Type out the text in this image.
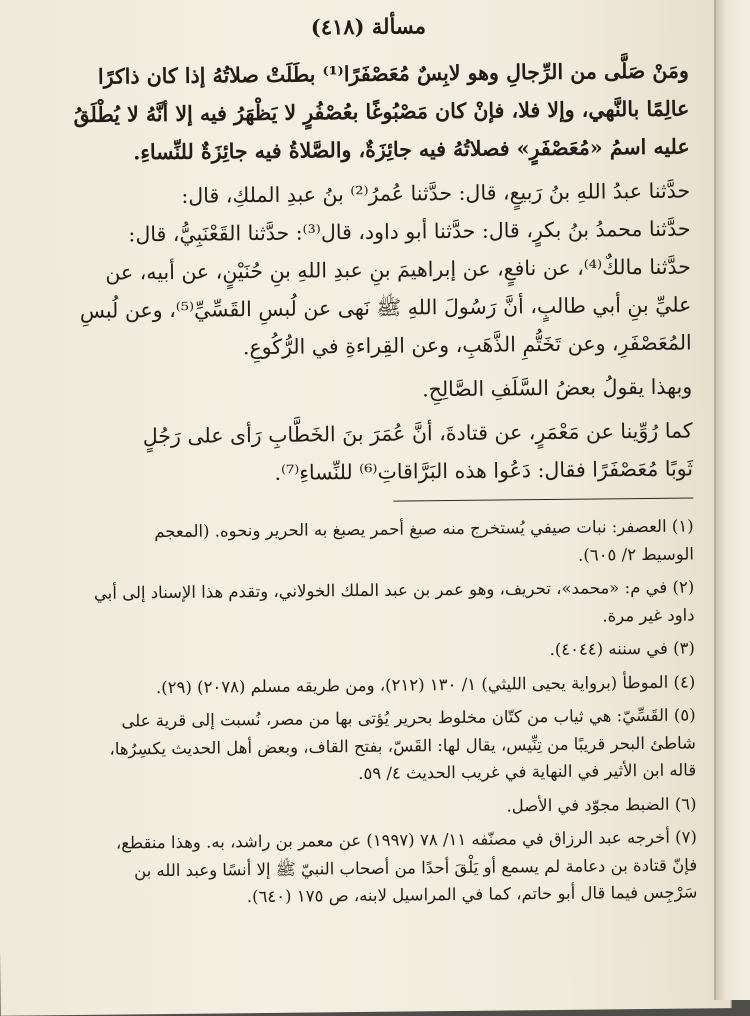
مسألة (٤١٨)
ومَنْ صَلَّى من الرِّجالِ وهو لابِسٌ مُعَصْفَرًا⁽¹⁾ بطَلَتْ صلاتُهُ إذا كان ذاكرًا
عالِمًا بالنَّهي، وإلا فلا، فإنْ كان مَصْبُوغًا بعُصْفُرٍ لا يَظْهَرُ فيه إلا أنَّهُ لا يُطْلَقُ
عليه اسمُ «مُعَصْفَرٍ» فصلاتُهُ فيه جائِزَةٌ، والصَّلاةُ فيه جائِزَةٌ للنِّساءِ.
حدَّثنا عبدُ اللهِ بنُ رَبيعٍ، قال: حدَّثنا عُمرُ⁽²⁾ بنُ عبدِ الملكِ، قال:
حدَّثنا محمدُ بنُ بكرٍ، قال: حدَّثنا أبو داود، قال⁽³⁾: حدَّثنا القَعْنَبِيُّ، قال:
حدَّثنا مالكٌ⁽⁴⁾، عن نافعٍ، عن إبراهيمَ بنِ عبدِ اللهِ بنِ حُنَيْنٍ، عن أبيه، عن
عليِّ بنِ أبي طالبٍ، أنَّ رَسُولَ اللهِ ﷺ نَهى عن لُبسِ القَسِّيِّ⁽⁵⁾، وعن لُبسِ
المُعَصْفَرِ، وعن تَخَتُّمِ الذَّهَبِ، وعن القِراءةِ في الرُّكُوعِ.
وبهذا يقولُ بعضُ السَّلَفِ الصَّالِحِ.
كما رُوِّينا عن مَعْمَرٍ، عن قتادةَ، أنَّ عُمَرَ بنَ الخَطَّابِ رَأى على رَجُلٍ
ثَوبًا مُعَصْفَرًا فقال: دَعُوا هذه البَرَّاقاتِ⁽⁶⁾ للنِّساءِ⁽⁷⁾.
(١) العصفر: نبات صيفي يُستخرج منه صبغ أحمر يصبغ به الحرير ونحوه. (المعجم
الوسيط ٢/ ٦٠٥).
(٢) في م: «محمد»، تحريف، وهو عمر بن عبد الملك الخولاني، وتقدم هذا الإسناد إلى أبي
داود غير مرة.
(٣) في سننه (٤٠٤٤).
(٤) الموطأ (برواية يحيى الليثي) ١/ ١٣٠ (٢١٢)، ومن طريقه مسلم (٢٠٧٨) (٢٩).
(٥) القَسِّيّ: هي ثياب من كتّان مخلوط بحرير يُؤتى بها من مصر، نُسبت إلى قرية على
شاطئ البحر قريبًا من تِنِّيس، يقال لها: القَسّ، بفتح القاف، وبعض أهل الحديث يكسِرُها،
قاله ابن الأثير في النهاية في غريب الحديث ٤/ ٥٩.
(٦) الضبط مجوّد في الأصل.
(٧) أخرجه عبد الرزاق في مصنّفه ١١/ ٧٨ (١٩٩٧) عن معمر بن راشد، به. وهذا منقطع،
فإنّ قتادة بن دعامة لم يسمع أو يَلْقَ أحدًا من أصحاب النبيّ ﷺ إلا أنسًا وعبد الله بن
سَرْجِس فيما قال أبو حاتم، كما في المراسيل لابنه، ص ١٧٥ (٦٤٠).
